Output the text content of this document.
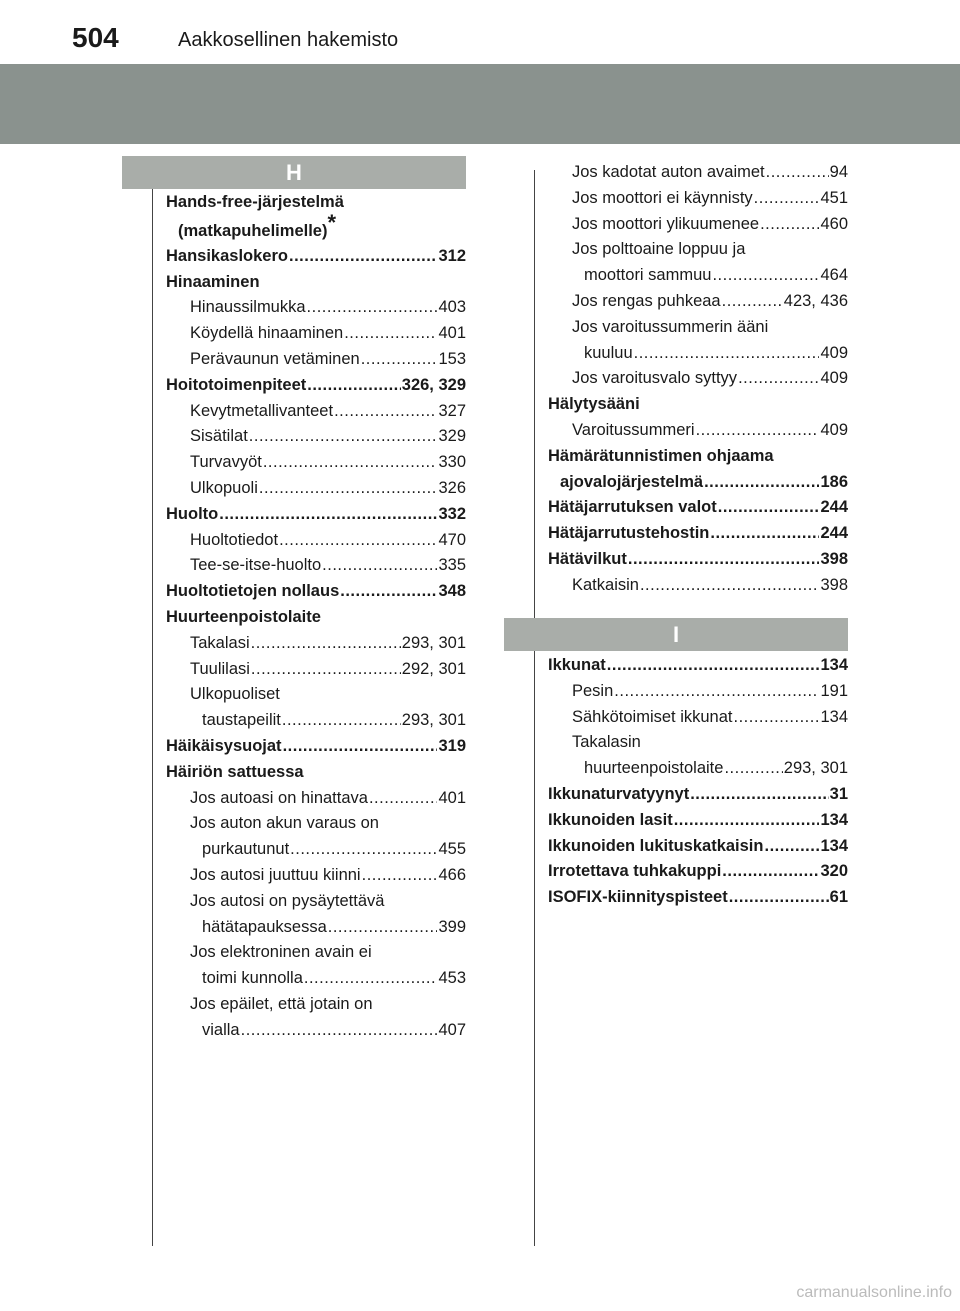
504	Aakkosellinen hakemisto
H
Hands-free-järjestelmä
(matkapuhelimelle)*
Hansikaslokero .....	312
Hinaaminen
Hinaussilmukka .....	403
Köydellä hinaaminen .....	401
Perävaunun vetäminen .....	153
Hoitotoimenpiteet .....	326, 329
Kevytmetallivanteet .....	327
Sisätilat .....	329
Turvavyöt .....	330
Ulkopuoli .....	326
Huolto .....	332
Huoltotiedot .....	470
Tee-se-itse-huolto .....	335
Huoltotietojen nollaus .....	348
Huurteenpoistolaite
Takalasi .....	293, 301
Tuulilasi .....	292, 301
Ulkopuoliset
taustapeilit .....	293, 301
Häikäisysuojat .....	319
Häiriön sattuessa
Jos autoasi on hinattava .....	401
Jos auton akun varaus on
purkautunut .....	455
Jos autosi juuttuu kiinni .....	466
Jos autosi on pysäytettävä
hätätapauksessa .....	399
Jos elektroninen avain ei
toimi kunnolla .....	453
Jos epäilet, että jotain on
vialla .....	407
Jos kadotat auton avaimet .....	94
Jos moottori ei käynnisty .....	451
Jos moottori ylikuumenee .....	460
Jos polttoaine loppuu ja
moottori sammuu .....	464
Jos rengas puhkeaa .....	423, 436
Jos varoitussummerin ääni
kuuluu .....	409
Jos varoitusvalo syttyy .....	409
Hälytysääni
Varoitussummeri .....	409
Hämärätunnistimen ohjaama
ajovalojärjestelmä .....	186
Hätäjarrutuksen valot .....	244
Hätäjarrutustehostin .....	244
Hätävilkut .....	398
Katkaisin .....	398
I
Ikkunat .....	134
Pesin .....	191
Sähkötoimiset ikkunat .....	134
Takalasin
huurteenpoistolaite .....	293, 301
Ikkunaturvatyynyt .....	31
Ikkunoiden lasit .....	134
Ikkunoiden lukituskatkaisin .....	134
Irrotettava tuhkakuppi .....	320
ISOFIX-kiinnityspisteet .....	61
carmanualsonline.info
